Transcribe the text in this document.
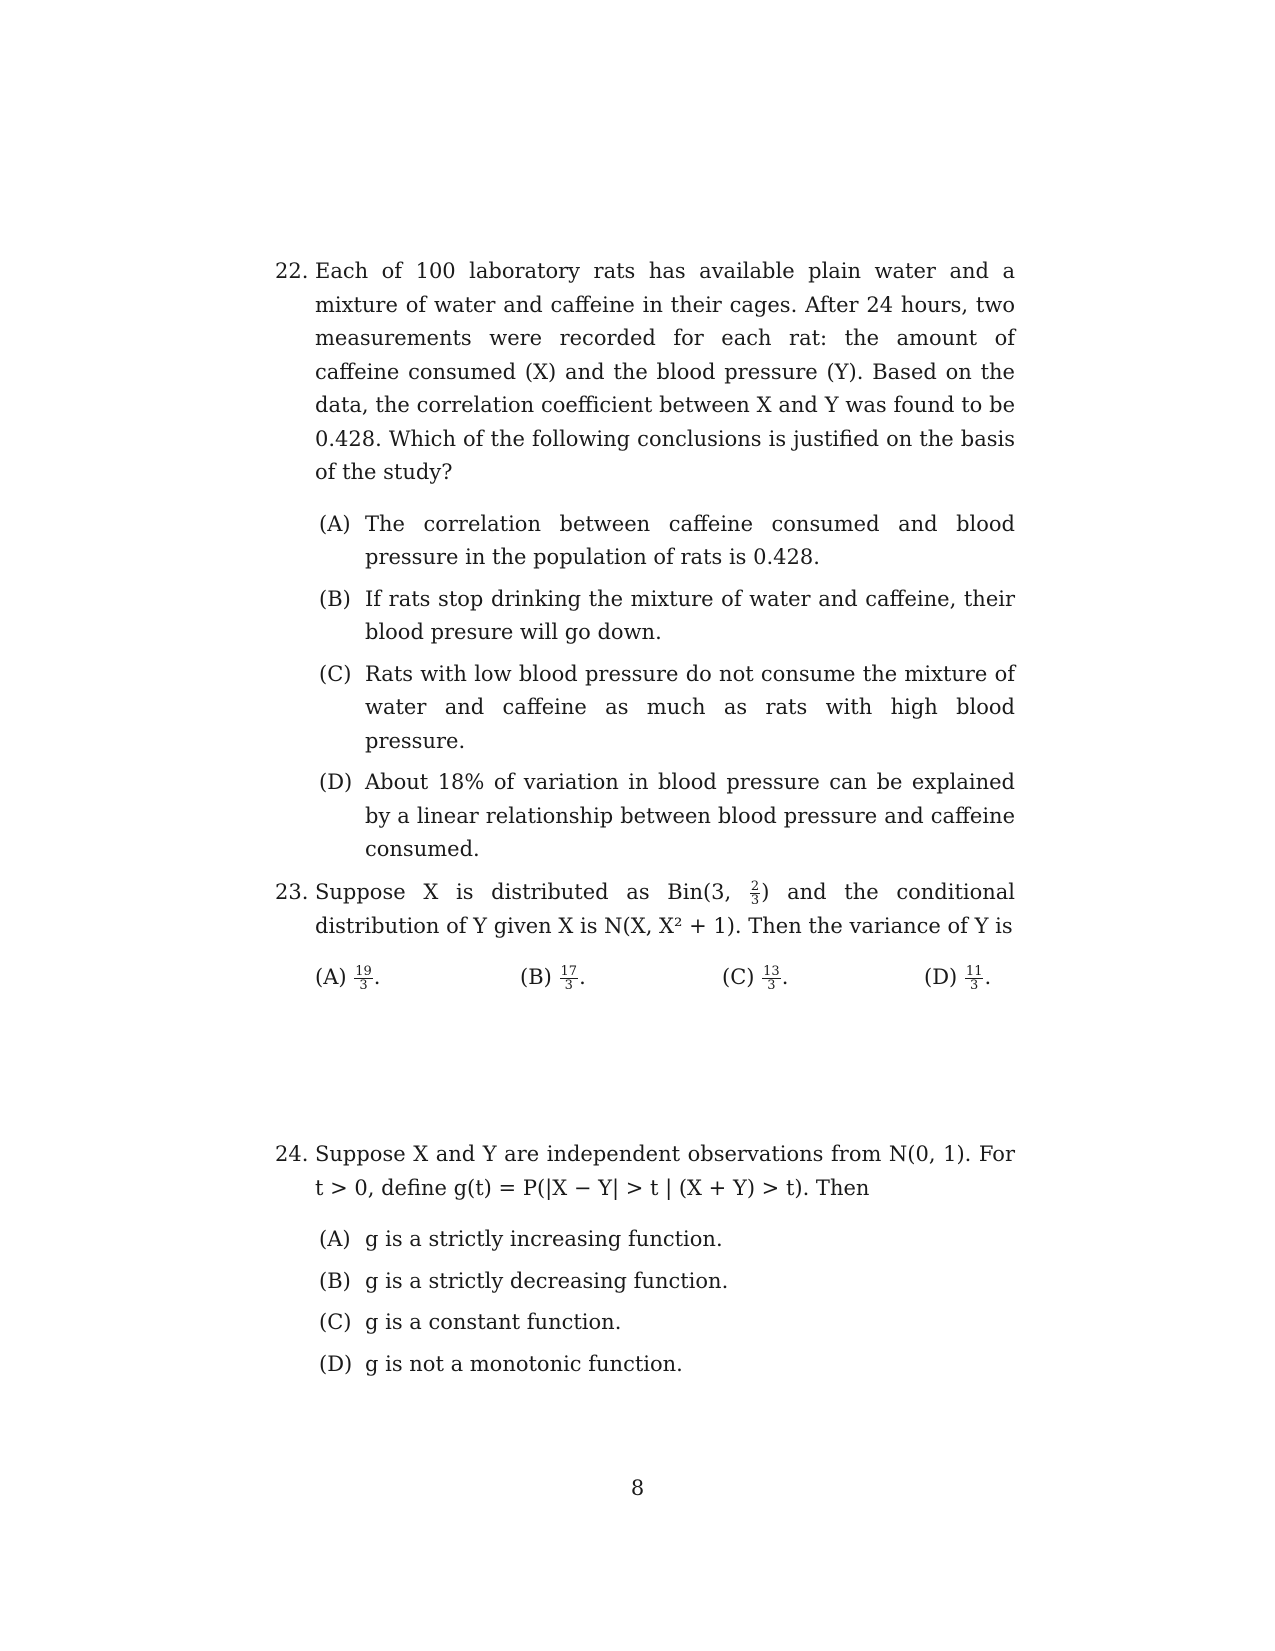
22. Each of 100 laboratory rats has available plain water and a mixture of water and caffeine in their cages. After 24 hours, two measurements were recorded for each rat: the amount of caffeine consumed (X) and the blood pressure (Y). Based on the data, the correlation coefficient between X and Y was found to be 0.428. Which of the following conclusions is justified on the basis of the study?
(A) The correlation between caffeine consumed and blood pressure in the population of rats is 0.428.
(B) If rats stop drinking the mixture of water and caffeine, their blood presure will go down.
(C) Rats with low blood pressure do not consume the mixture of water and caffeine as much as rats with high blood pressure.
(D) About 18% of variation in blood pressure can be explained by a linear relationship between blood pressure and caffeine consumed.
23. Suppose X is distributed as Bin(3, $\frac{2}{3}$ ) and the conditional distribution of Y given X is N(X, X² + 1). Then the variance of Y is
$(A) \frac{19}{3}$ .	$(B) \frac{17}{3}$ .	$(C) \frac{13}{3}$ .	$(D) \frac{11}{3}$ .
24. Suppose X and Y are independent observations from N(0, 1). For t > 0, define g(t) = P(|X − Y| > t | (X + Y) > t). Then
(A) g is a strictly increasing function.
(B) g is a strictly decreasing function.
(C) g is a constant function.
(D) g is not a monotonic function.
8
